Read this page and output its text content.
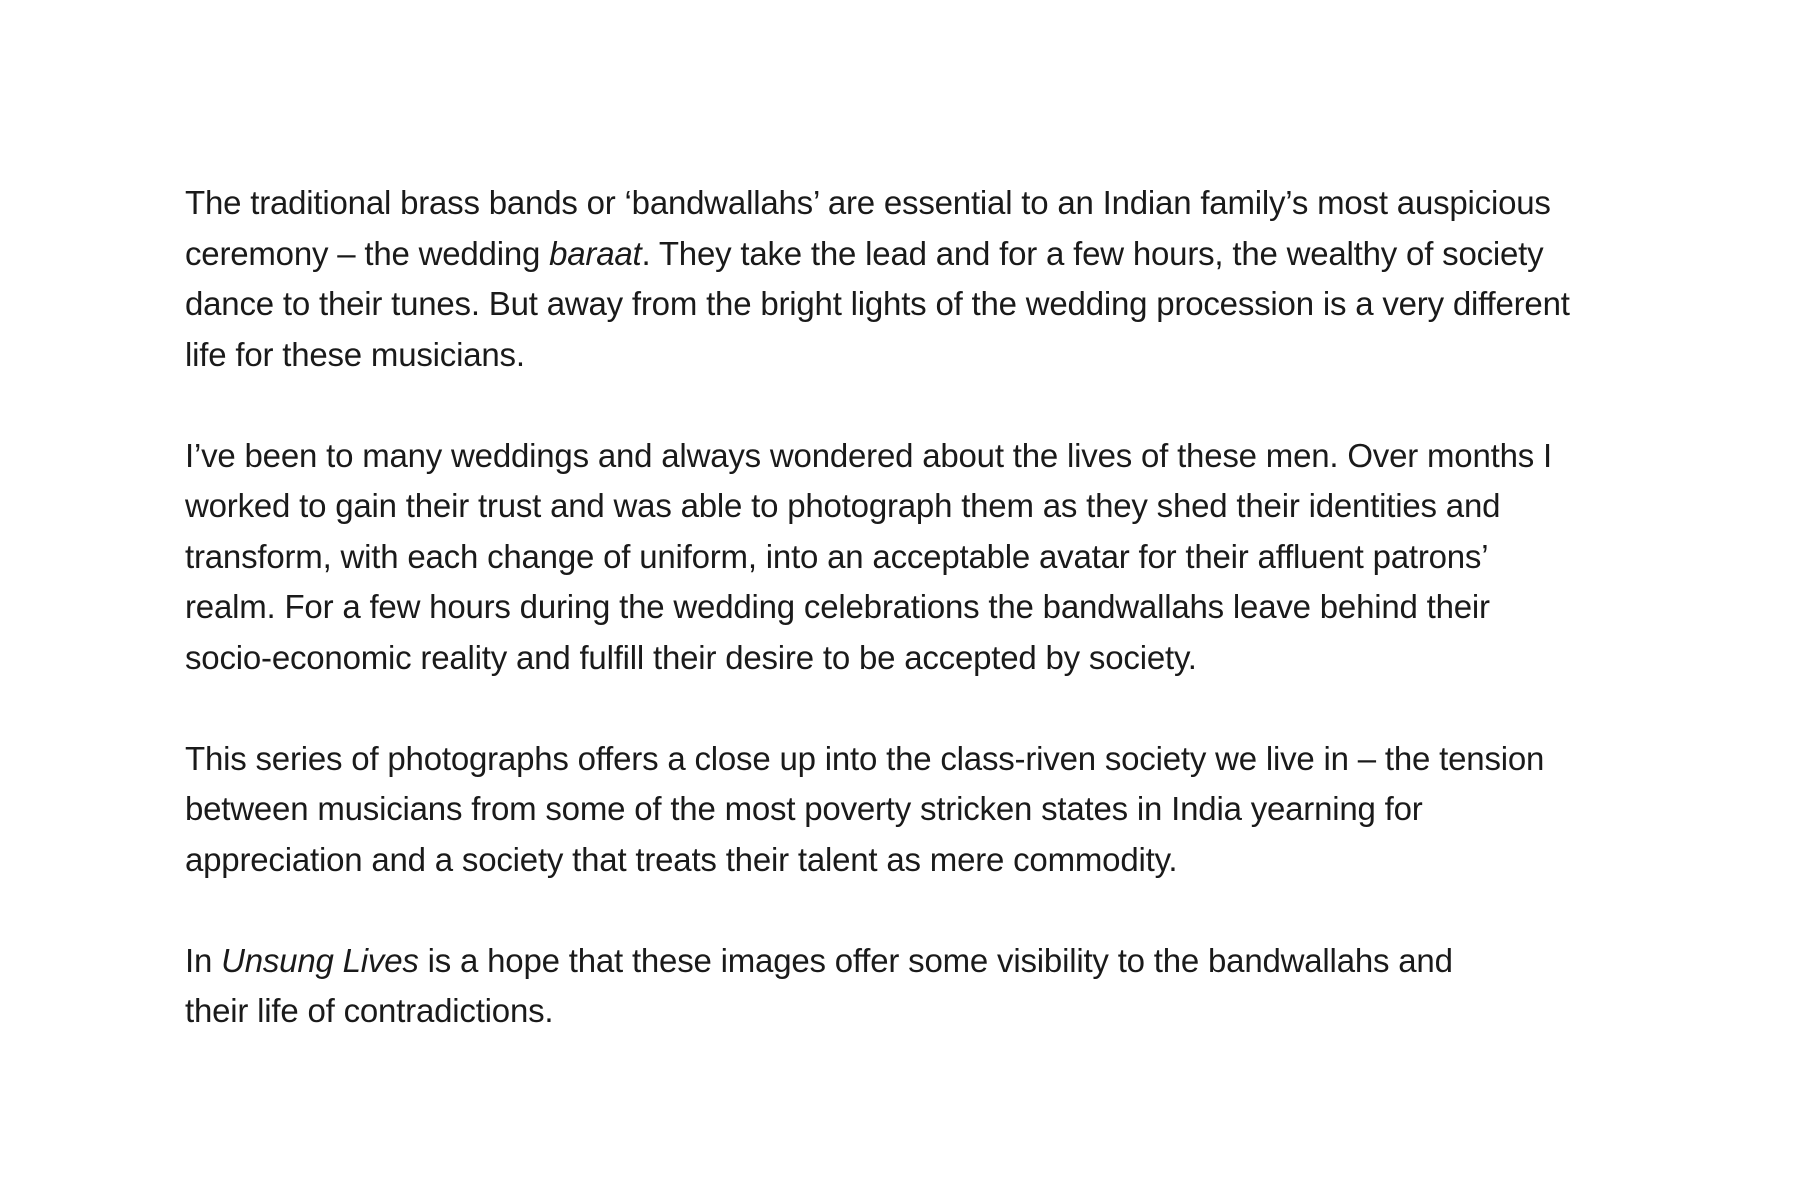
The traditional brass bands or ‘bandwallahs’ are essential to an Indian family’s most auspicious
ceremony – the wedding baraat. They take the lead and for a few hours, the wealthy of society
dance to their tunes. But away from the bright lights of the wedding procession is a very different
life for these musicians.

I’ve been to many weddings and always wondered about the lives of these men. Over months I
worked to gain their trust and was able to photograph them as they shed their identities and
transform, with each change of uniform, into an acceptable avatar for their affluent patrons’
realm. For a few hours during the wedding celebrations the bandwallahs leave behind their
socio-economic reality and fulfill their desire to be accepted by society.

This series of photographs offers a close up into the class-riven society we live in – the tension
between musicians from some of the most poverty stricken states in India yearning for
appreciation and a society that treats their talent as mere commodity.

In Unsung Lives is a hope that these images offer some visibility to the bandwallahs and
their life of contradictions.
